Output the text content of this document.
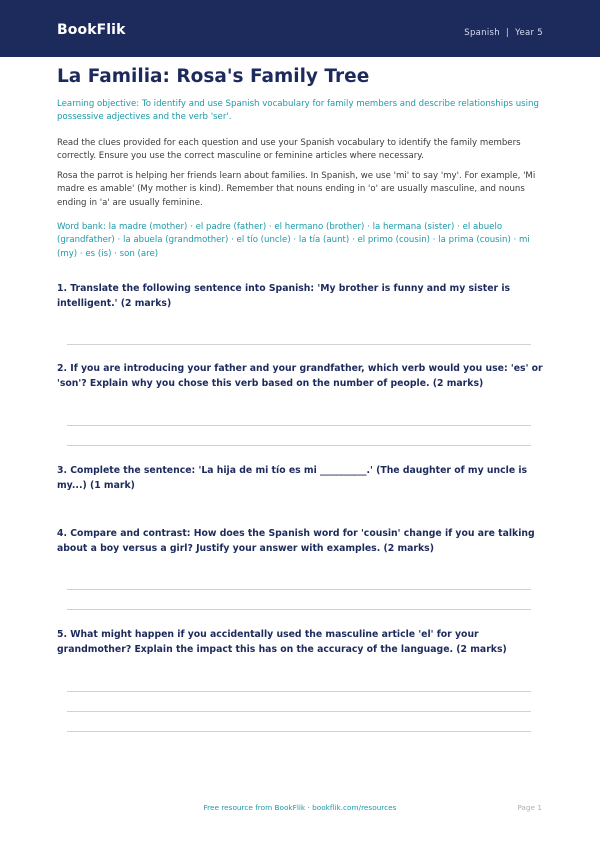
BookFlik	Spanish  |  Year 5
La Familia: Rosa's Family Tree
Learning objective: To identify and use Spanish vocabulary for family members and describe relationships using possessive adjectives and the verb 'ser'.
Read the clues provided for each question and use your Spanish vocabulary to identify the family members correctly. Ensure you use the correct masculine or feminine articles where necessary.
Rosa the parrot is helping her friends learn about families. In Spanish, we use 'mi' to say 'my'. For example, 'Mi madre es amable' (My mother is kind). Remember that nouns ending in 'o' are usually masculine, and nouns ending in 'a' are usually feminine.
Word bank: la madre (mother) · el padre (father) · el hermano (brother) · la hermana (sister) · el abuelo (grandfather) · la abuela (grandmother) · el tío (uncle) · la tía (aunt) · el primo (cousin) · la prima (cousin) · mi (my) · es (is) · son (are)
1. Translate the following sentence into Spanish: 'My brother is funny and my sister is intelligent.' (2 marks)
2. If you are introducing your father and your grandfather, which verb would you use: 'es' or 'son'? Explain why you chose this verb based on the number of people. (2 marks)
3. Complete the sentence: 'La hija de mi tío es mi __________.' (The daughter of my uncle is my...) (1 mark)
4. Compare and contrast: How does the Spanish word for 'cousin' change if you are talking about a boy versus a girl? Justify your answer with examples. (2 marks)
5. What might happen if you accidentally used the masculine article 'el' for your grandmother? Explain the impact this has on the accuracy of the language. (2 marks)
Free resource from BookFlik · bookflik.com/resources	Page 1
